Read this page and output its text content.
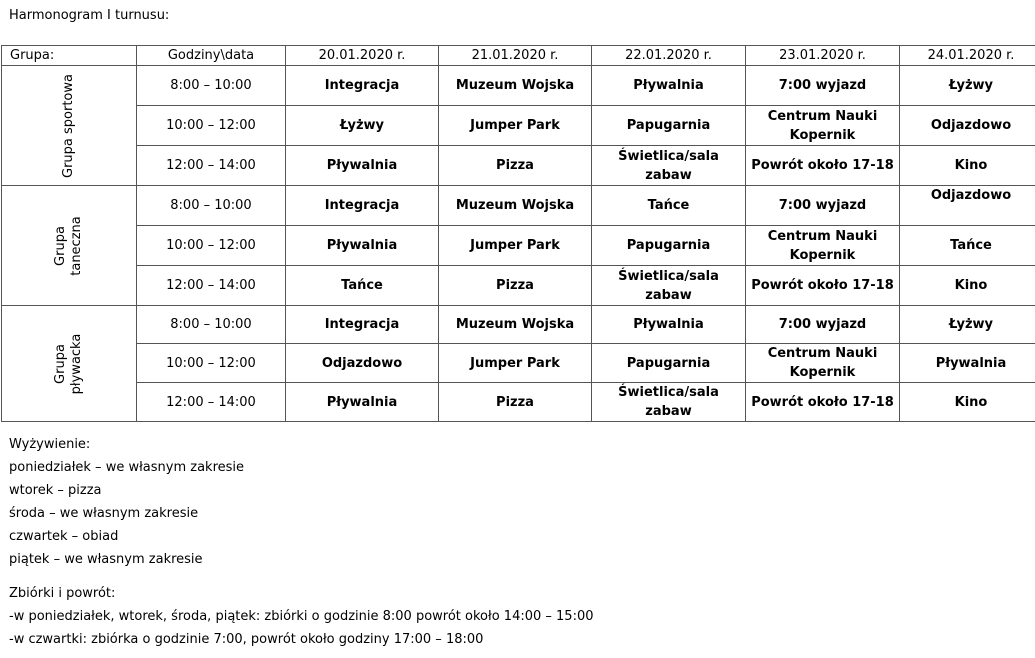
Harmonogram I turnusu:
Grupa:	Godziny\data	20.01.2020 r.	21.01.2020 r.	22.01.2020 r.	23.01.2020 r.	24.01.2020 r.

Grupa sportowa	8:00 – 10:00	Integracja	Muzeum Wojska	Pływalnia	7:00 wyjazd	Łyżwy
	10:00 – 12:00	Łyżwy	Jumper Park	Papugarnia	Centrum Nauki Kopernik	Odjazdowo
	12:00 – 14:00	Pływalnia	Pizza	Świetlica/sala zabaw	Powrót około 17-18	Kino

Grupa taneczna	8:00 – 10:00	Integracja	Muzeum Wojska	Tańce	7:00 wyjazd	Odjazdowo
	10:00 – 12:00	Pływalnia	Jumper Park	Papugarnia	Centrum Nauki Kopernik	Tańce
	12:00 – 14:00	Tańce	Pizza	Świetlica/sala zabaw	Powrót około 17-18	Kino

Grupa pływacka	8:00 – 10:00	Integracja	Muzeum Wojska	Pływalnia	7:00 wyjazd	Łyżwy
	10:00 – 12:00	Odjazdowo	Jumper Park	Papugarnia	Centrum Nauki Kopernik	Pływalnia
	12:00 – 14:00	Pływalnia	Pizza	Świetlica/sala zabaw	Powrót około 17-18	Kino
Wyżywienie:
poniedziałek – we własnym zakresie
wtorek – pizza
środa – we własnym zakresie
czwartek – obiad
piątek – we własnym zakresie
Zbiórki i powrót:
-w poniedziałek, wtorek, środa, piątek: zbiórki o godzinie 8:00 powrót około 14:00 – 15:00
-w czwartki: zbiórka o godzinie 7:00, powrót około godziny 17:00 – 18:00
